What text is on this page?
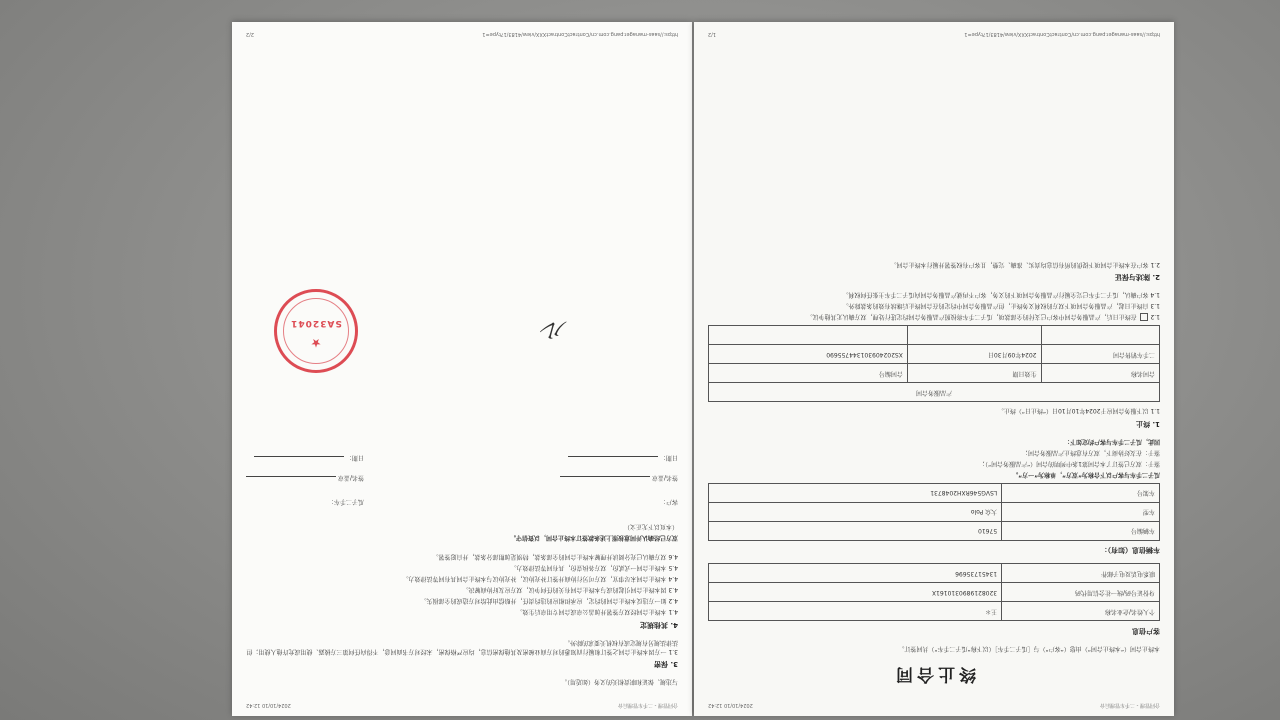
合同管理 - 二手车管理后台
2024/10/10 12:42
与违规、保证和职责相关的义务（如适用）。
3. 保密
3.1 一方因本终止合同之签订和履行而知悉的对方商业秘密及其他保密信息，均应严格保密，未经对方书面同意，不得向任何第三方披露、使用或允许他人使用；但法律法规另有规定或有权机关要求的除外。
4. 其他规定
4.1 本终止合同经双方签署并加盖公章或合同专用章后生效。
4.2 如一方违反本终止合同的约定，应承担相应的违约责任，并赔偿由此给对方造成的全部损失。
4.3 因本终止合同引起的或与本终止合同有关的任何争议，双方应友好协商解决。
4.4 本终止合同未尽事宜，双方可另行协商并签订补充协议，补充协议与本终止合同具有同等法律效力。
4.5 本终止合同一式贰份，双方各执壹份，具有同等法律效力。
4.6 双方确认已充分阅读并理解本终止合同的全部条款，特别是加粗部分条款，并自愿签署。
双方已经确认并同意按照上述条款签订本终止合同，以资信守。
（本页以下无正文）
客户：
签名/盖章
日期：
瓜子二手车：
签名/盖章
日期：
ル
★
SA32041
https://saas-manager.pang.com.cn/ContractContractXXX/view/4183/1?type=1
2/2
合同管理 - 二手车管理后台
2024/10/10 12:42
终止合同
本终止合同（“本终止合同”）由您（“客户”）与［瓜子二手车］（以下称“瓜子二手车”）共同签订。
客户信息
个人姓名/企业名称	王＊
身份证号码/统一社会信用代码	32082198903101​61X
联系电话及电子邮件	13451735696
车辆信息（如有）：
车辆编号	57610
车型	大众 Polo
车架号	LSVG546RXH2048731
瓜子二手车与客户以下合称为“双方”，单称为“一方”。
鉴于：双方已签订了本合同第1条中列明的合同（“产品服务合同”）；
鉴于：在友好协商下，双方有意终止产品服务合同；
因此，瓜子二手车与客户约定如下：
1. 终止
1.1 以下服务合同应于2024年10月10日（“终止日”）终止。
产品服务合同		
合同名称	生效日期	合同编号
二手车销售合同	2024年09月30日	XS20240930134475​5690

1.2  在终止日后，产品服务合同中客户已支付的全部款项，瓜子二手车将按照产品服务合同约定进行处理，双方确认无其他争议。
1.3 自终止日起，产品服务合同项下双方的权利义务终止，但产品服务合同中约定的在合同终止后继续有效的条款除外。
1.4 客户确认，瓜子二手车已完全履行产品服务合同项下的义务，客户不再就产品服务合同向瓜子二手车主张任何权利。
2. 陈述与保证
2.1 客户在本终止合同项下提供的所有信息均真实、准确、完整，且客户有权签署并履行本终止合同。
https://saas-manager.pang.com.cn/ContractContractXXX/view/4183/1?type=1
1/2
